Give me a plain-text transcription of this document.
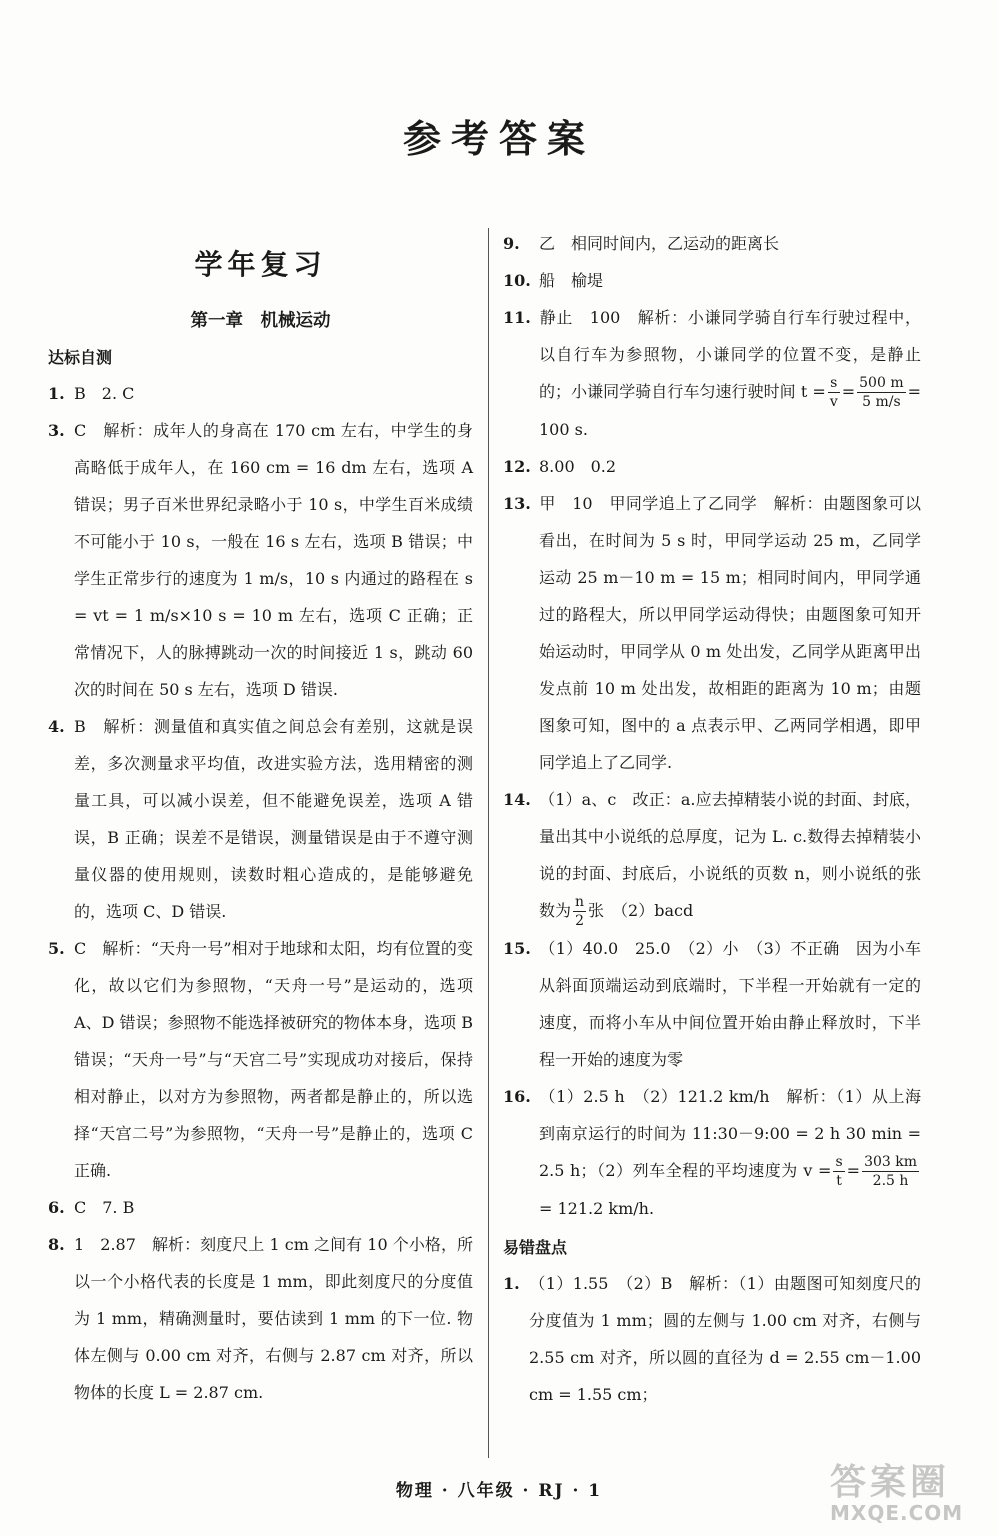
参考答案
学年复习
第一章　机械运动
达标自测
1. B　2. C
3. C　解析：成年人的身高在 170 cm 左右，中学生的身高略低于成年人，在 160 cm = 16 dm 左右，选项 A 错误；男子百米世界纪录略小于 10 s，中学生百米成绩不可能小于 10 s，一般在 16 s 左右，选项 B 错误；中学生正常步行的速度为 1 m/s，10 s 内通过的路程在 s = vt = 1 m/s×10 s = 10 m 左右，选项 C 正确；正常情况下，人的脉搏跳动一次的时间接近 1 s，跳动 60 次的时间在 50 s 左右，选项 D 错误.
4. B　解析：测量值和真实值之间总会有差别，这就是误差，多次测量求平均值，改进实验方法，选用精密的测量工具，可以减小误差，但不能避免误差，选项 A 错误，B 正确；误差不是错误，测量错误是由于不遵守测量仪器的使用规则，读数时粗心造成的，是能够避免的，选项 C、D 错误.
5. C　解析：“天舟一号”相对于地球和太阳，均有位置的变化，故以它们为参照物，“天舟一号”是运动的，选项 A、D 错误；参照物不能选择被研究的物体本身，选项 B 错误；“天舟一号”与“天宫二号”实现成功对接后，保持相对静止，以对方为参照物，两者都是静止的，所以选择“天宫二号”为参照物，“天舟一号”是静止的，选项 C 正确.
6. C　7. B
8. 1　2.87　解析：刻度尺上 1 cm 之间有 10 个小格，所以一个小格代表的长度是 1 mm，即此刻度尺的分度值为 1 mm，精确测量时，要估读到 1 mm 的下一位. 物体左侧与 0.00 cm 对齐，右侧与 2.87 cm 对齐，所以物体的长度 L = 2.87 cm.
9. 乙　相同时间内，乙运动的距离长
10. 船　榆堤
11. 静止　100　解析：小谦同学骑自行车行驶过程中，以自行车为参照物，小谦同学的位置不变，是静止的；小谦同学骑自行车匀速行驶时间 $t = \frac{s}{v} = \frac{500 m}{5 m/s} = 100$ s.
12. 8.00　0.2
13. 甲　10　甲同学追上了乙同学　解析：由题图象可以看出，在时间为 5 s 时，甲同学运动 25 m，乙同学运动 25 m－10 m = 15 m；相同时间内，甲同学通过的路程大，所以甲同学运动得快；由题图象可知开始运动时，甲同学从 0 m 处出发，乙同学从距离甲出发点前 10 m 处出发，故相距的距离为 10 m；由题图象可知，图中的 a 点表示甲、乙两同学相遇，即甲同学追上了乙同学.
14. （1）a、c　改正：a.应去掉精装小说的封面、封底，量出其中小说纸的总厚度，记为 L. c.数得去掉精装小说的封面、封底后，小说纸的页数 n，则小说纸的张数为 $\frac{n}{2}$ 张　（2）bacd
15. （1）40.0　25.0　（2）小　（3）不正确　因为小车从斜面顶端运动到底端时，下半程一开始就有一定的速度，而将小车从中间位置开始由静止释放时，下半程一开始的速度为零
16. （1）2.5 h　（2）121.2 km/h　解析：（1）从上海到南京运行的时间为 11:30－9:00 = 2 h 30 min = 2.5 h；（2）列车全程的平均速度为 $v = \frac{s}{t} = \frac{303 km}{2.5 h}$
= 121.2 km/h.
易错盘点
1. （1）1.55　（2）B　解析：（1）由题图可知刻度尺的分度值为 1 mm；圆的左侧与 1.00 cm 对齐，右侧与 2.55 cm 对齐，所以圆的直径为 d = 2.55 cm－1.00 cm = 1.55 cm；
物理 · 八年级 · RJ · 1	答案圈
MXQE.COM
